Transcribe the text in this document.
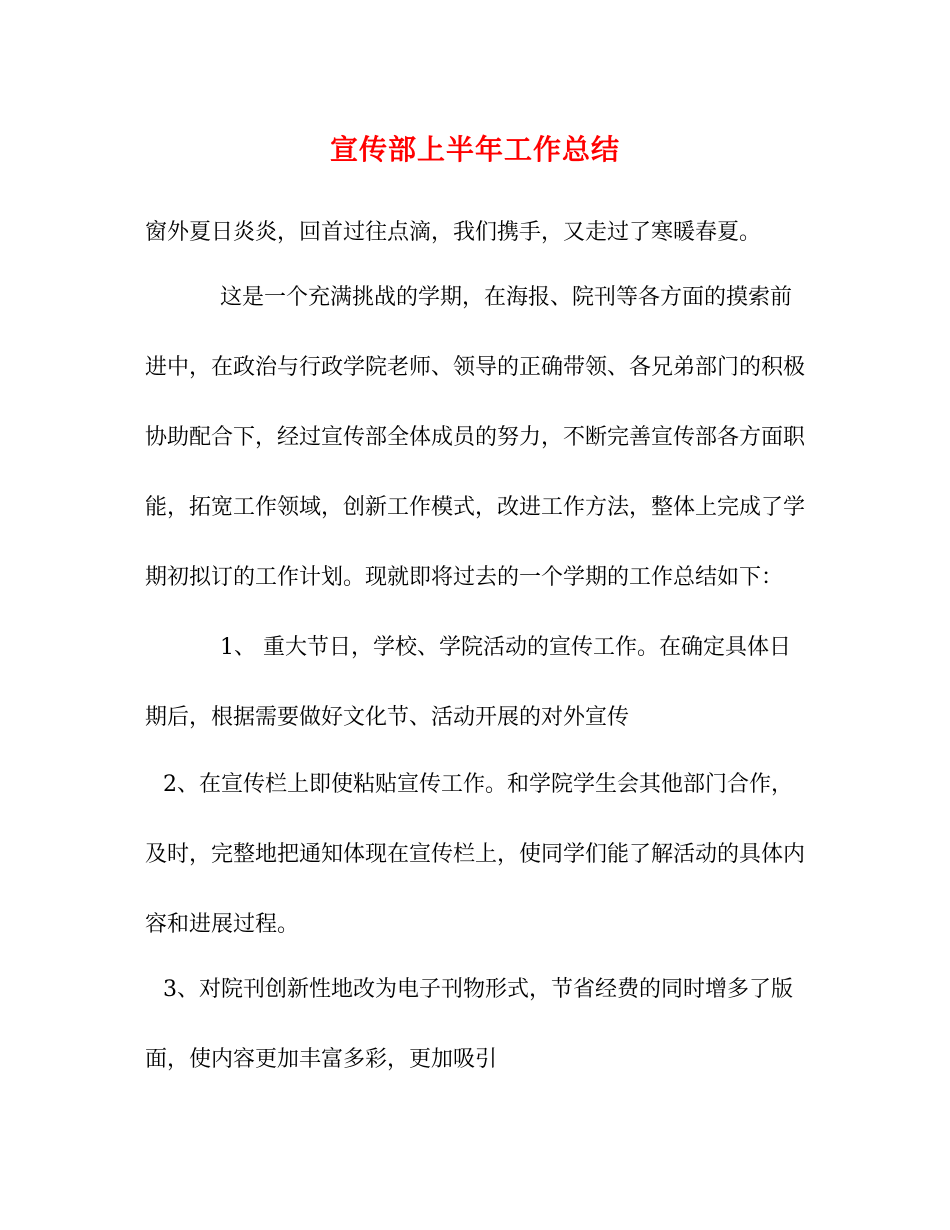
宣传部上半年工作总结
窗外夏日炎炎，回首过往点滴，我们携手，又走过了寒暖春夏。
这是一个充满挑战的学期，在海报、院刊等各方面的摸索前
进中，在政治与行政学院老师、领导的正确带领、各兄弟部门的积极
协助配合下，经过宣传部全体成员的努力，不断完善宣传部各方面职
能，拓宽工作领域，创新工作模式，改进工作方法，整体上完成了学
期初拟订的工作计划。现就即将过去的一个学期的工作总结如下：
1、 重大节日，学校、学院活动的宣传工作。在确定具体日
期后，根据需要做好文化节、活动开展的对外宣传
2、在宣传栏上即使粘贴宣传工作。和学院学生会其他部门合作，
及时，完整地把通知体现在宣传栏上，使同学们能了解活动的具体内
容和进展过程。
3、对院刊创新性地改为电子刊物形式，节省经费的同时增多了版
面，使内容更加丰富多彩，更加吸引
